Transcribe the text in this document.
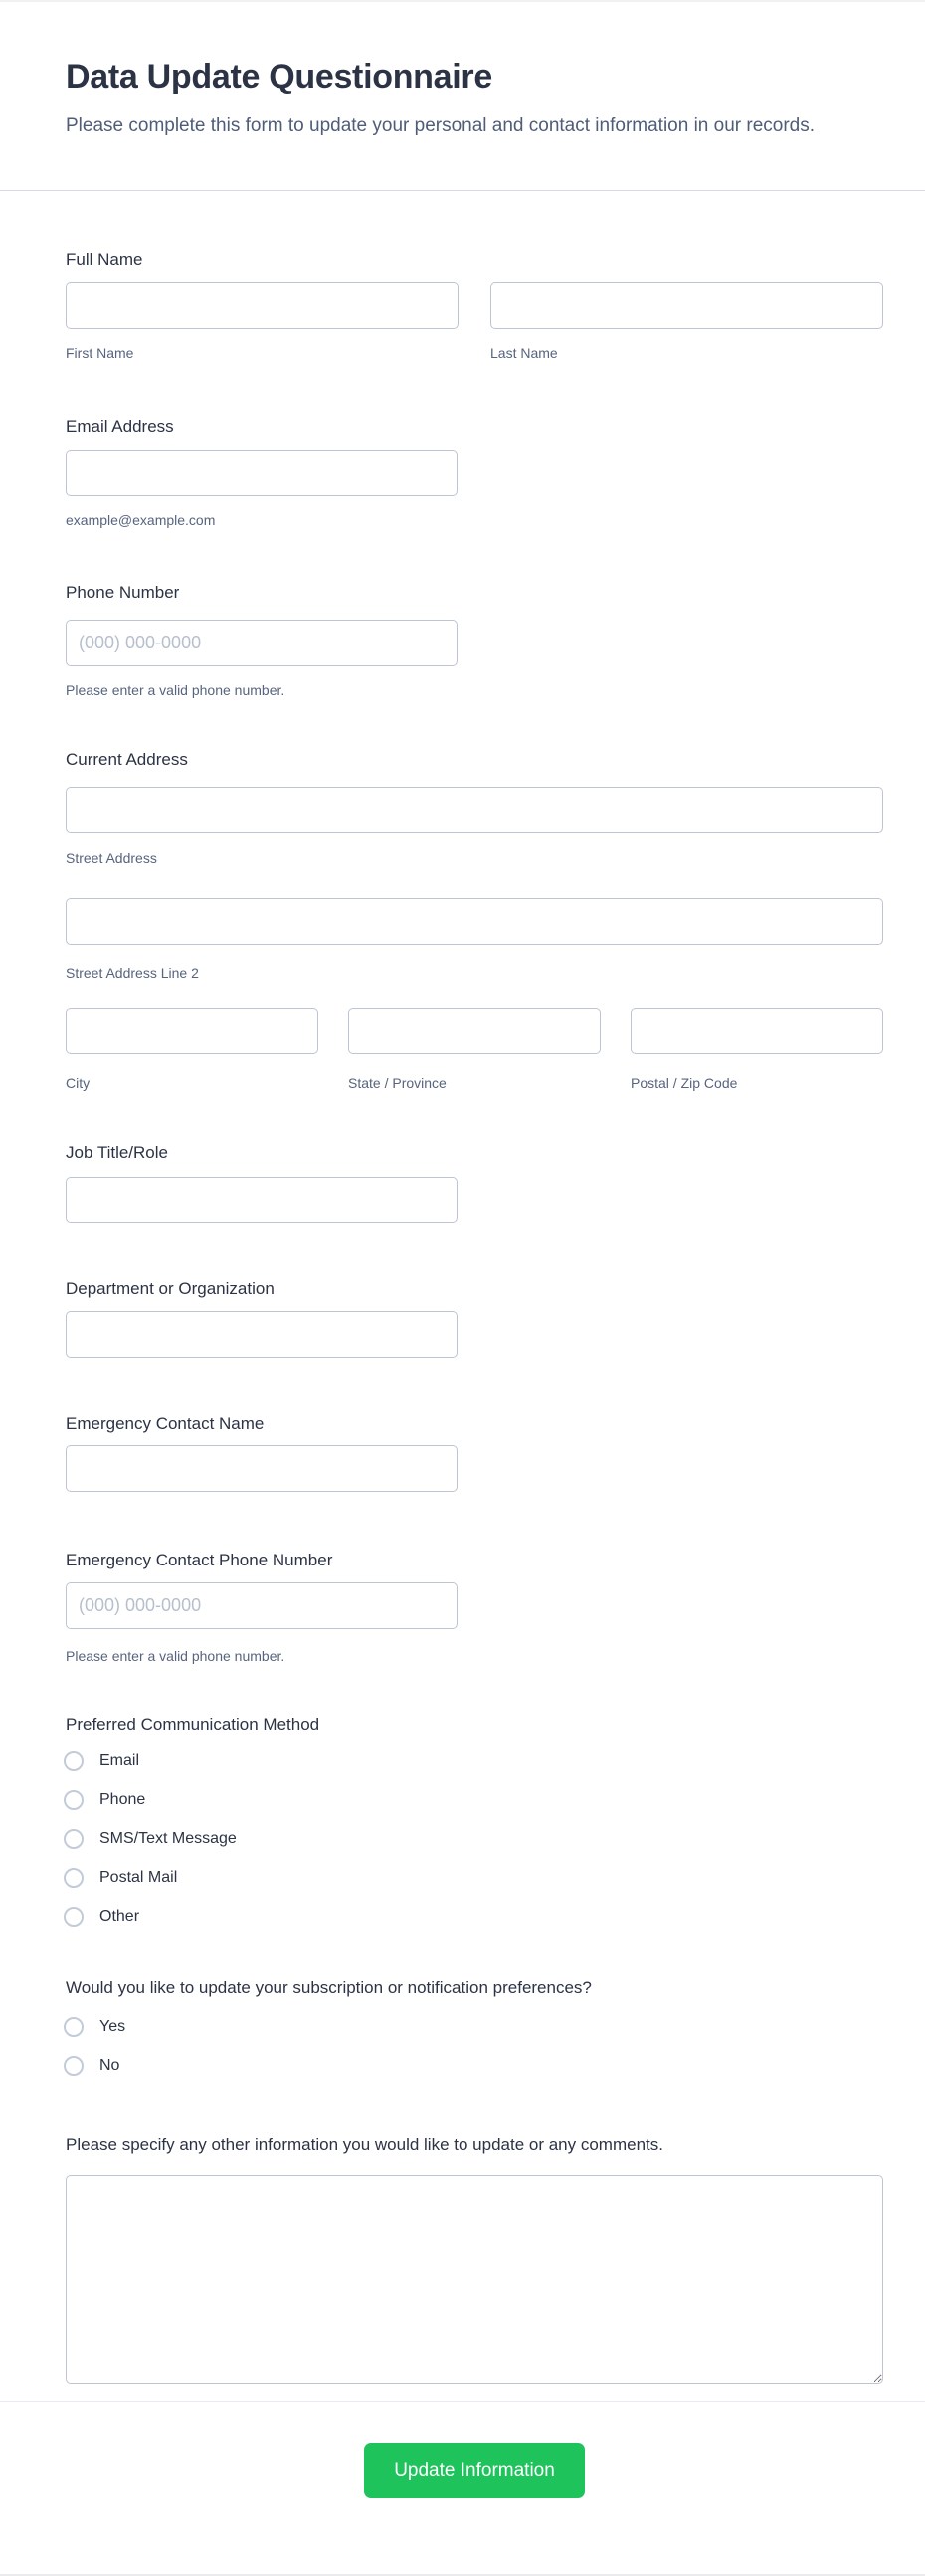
Data Update Questionnaire

Please complete this form to update your personal and contact information in our records.

Full Name
First Name	Last Name
Email Address
example@example.com
Phone Number
(000) 000-0000
Please enter a valid phone number.
Current Address
Street Address
Street Address Line 2
City	State / Province	Postal / Zip Code
Job Title/Role
Department or Organization
Emergency Contact Name
Emergency Contact Phone Number
(000) 000-0000
Please enter a valid phone number.
Preferred Communication Method
Email
Phone
SMS/Text Message
Postal Mail
Other
Would you like to update your subscription or notification preferences?
Yes
No
Please specify any other information you would like to update or any comments.
Update Information
